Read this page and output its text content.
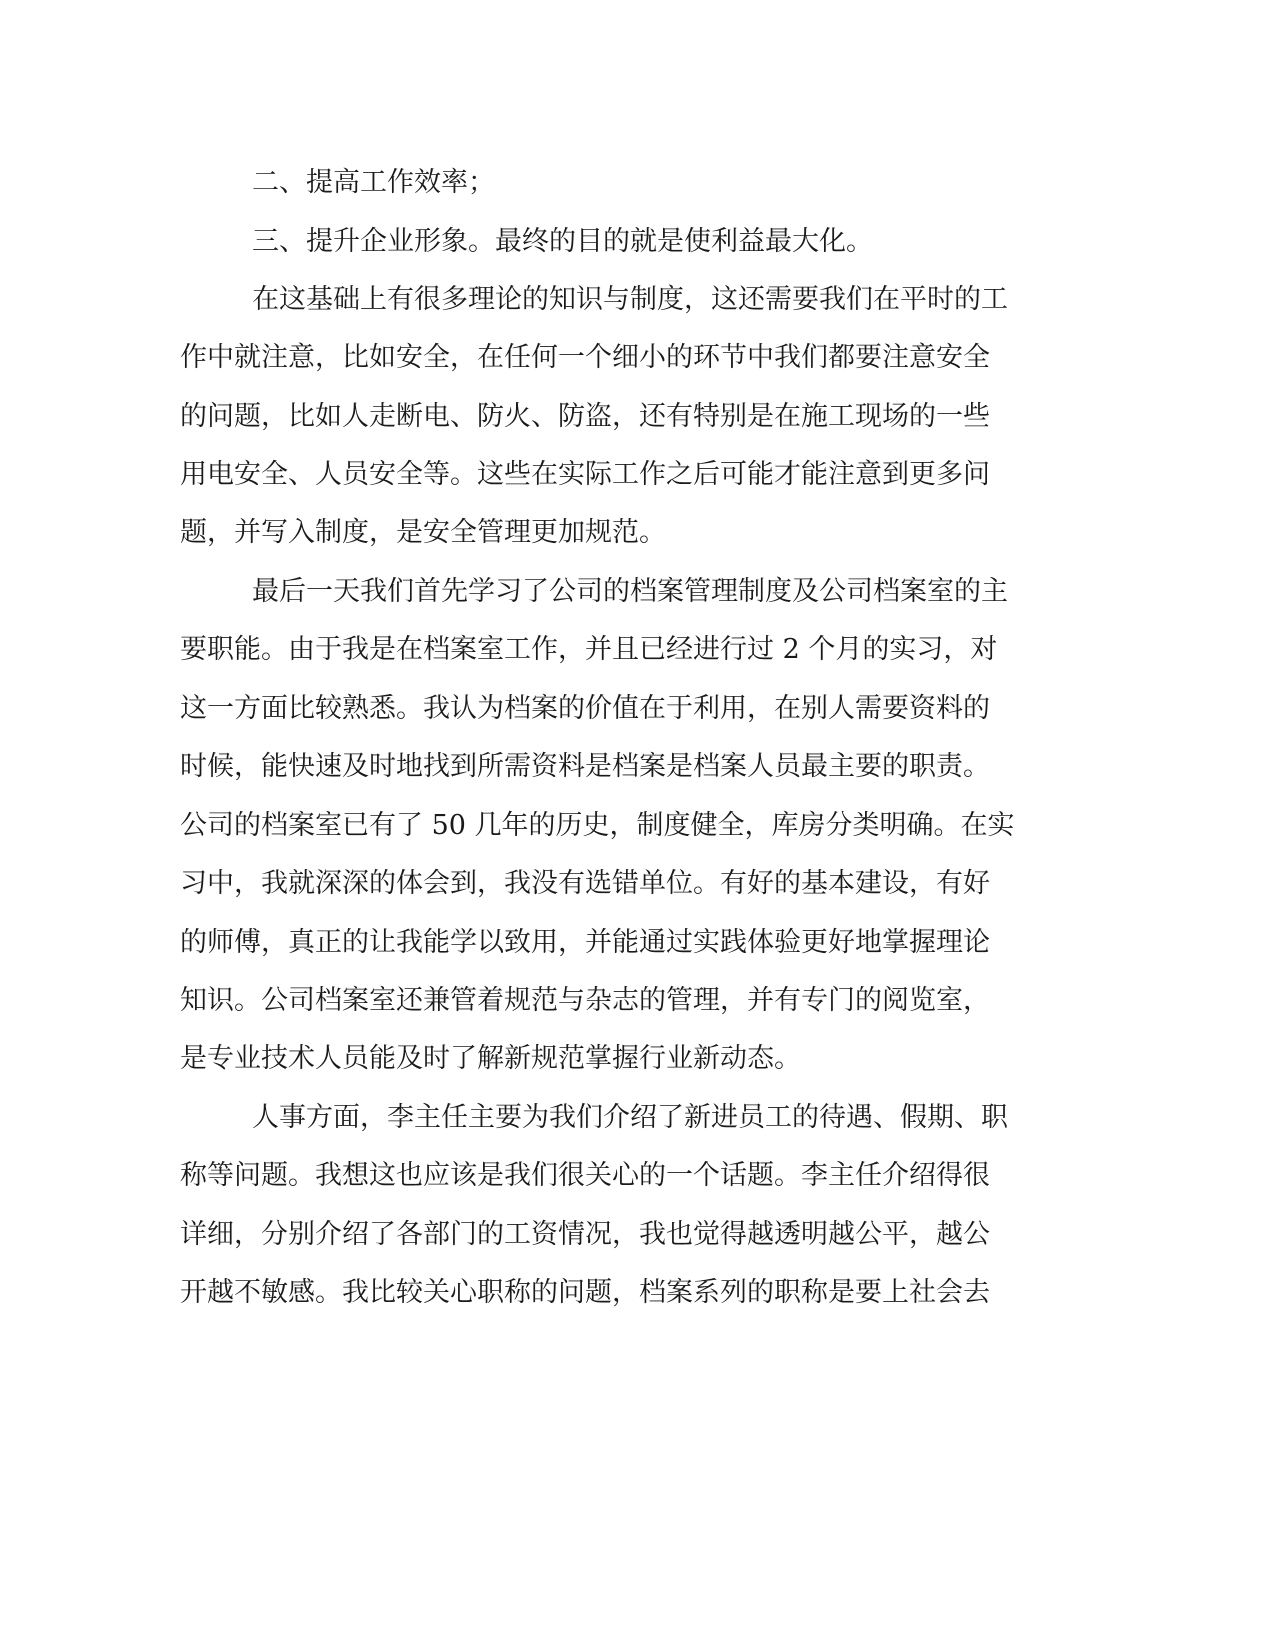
二、提高工作效率；
三、提升企业形象。最终的目的就是使利益最大化。
在这基础上有很多理论的知识与制度，这还需要我们在平时的工
作中就注意，比如安全，在任何一个细小的环节中我们都要注意安全
的问题，比如人走断电、防火、防盗，还有特别是在施工现场的一些
用电安全、人员安全等。这些在实际工作之后可能才能注意到更多问
题，并写入制度，是安全管理更加规范。
最后一天我们首先学习了公司的档案管理制度及公司档案室的主
要职能。由于我是在档案室工作，并且已经进行过 2 个月的实习，对
这一方面比较熟悉。我认为档案的价值在于利用，在别人需要资料的
时候，能快速及时地找到所需资料是档案是档案人员最主要的职责。
公司的档案室已有了 50 几年的历史，制度健全，库房分类明确。在实
习中，我就深深的体会到，我没有选错单位。有好的基本建设，有好
的师傅，真正的让我能学以致用，并能通过实践体验更好地掌握理论
知识。公司档案室还兼管着规范与杂志的管理，并有专门的阅览室，
是专业技术人员能及时了解新规范掌握行业新动态。
人事方面，李主任主要为我们介绍了新进员工的待遇、假期、职
称等问题。我想这也应该是我们很关心的一个话题。李主任介绍得很
详细，分别介绍了各部门的工资情况，我也觉得越透明越公平，越公
开越不敏感。我比较关心职称的问题，档案系列的职称是要上社会去
